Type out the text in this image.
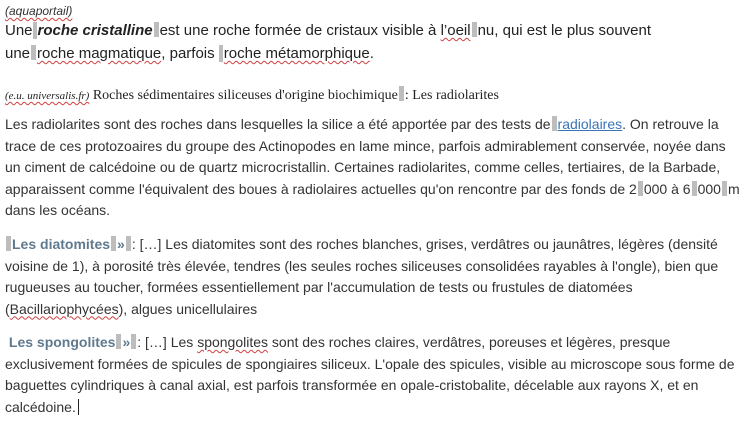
(aquaportail)
Une roche cristalline est une roche formée de cristaux visible à l’oeil nu, qui est le plus souvent
une roche magmatique, parfois roche métamorphique.
(e.u. universalis.fr) Roches sédimentaires siliceuses d'origine biochimique : Les radiolarites
Les radiolarites sont des roches dans lesquelles la silice a été apportée par des tests de radiolaires. On retrouve la trace de ces protozoaires du groupe des Actinopodes en lame mince, parfois admirablement conservée, noyée dans un ciment de calcédoine ou de quartz microcristallin. Certaines radiolarites, comme celles, tertiaires, de la Barbade, apparaissent comme l'équivalent des boues à radiolaires actuelles qu'on rencontre par des fonds de 2 000 à 6 000 m dans les océans.
Les diatomites » : […] Les diatomites sont des roches blanches, grises, verdâtres ou jaunâtres, légères (densité voisine de 1), à porosité très élevée, tendres (les seules roches siliceuses consolidées rayables à l'ongle), bien que rugueuses au toucher, formées essentiellement par l'accumulation de tests ou frustules de diatomées (Bacillariophycées), algues unicellulaires
Les spongolites » : […] Les spongolites sont des roches claires, verdâtres, poreuses et légères, presque exclusivement formées de spicules de spongiaires siliceux. L'opale des spicules, visible au microscope sous forme de baguettes cylindriques à canal axial, est parfois transformée en opale-cristobalite, décelable aux rayons X, et en calcédoine.
